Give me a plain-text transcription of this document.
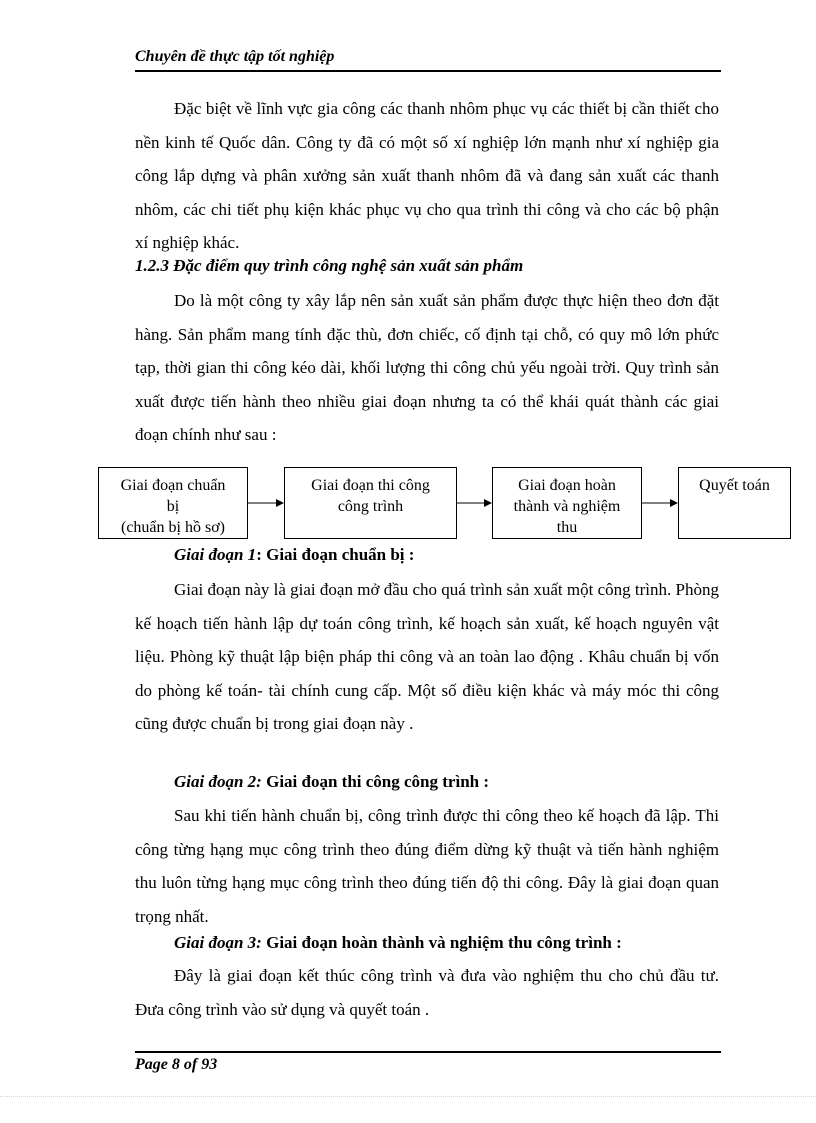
Chuyên đề thực tập tốt nghiệp

Đặc biệt về lĩnh vực gia công các thanh nhôm phục vụ các thiết bị cần thiết cho nền kinh tế Quốc dân. Công ty đã có một số xí nghiệp lớn mạnh như xí nghiệp gia công lắp dựng và phân xưởng sản xuất thanh nhôm đã và đang sản xuất các thanh nhôm, các chi tiết phụ kiện khác phục vụ cho qua trình thi công và cho các bộ phận xí nghiệp khác.

1.2.3 Đặc điểm quy trình công nghệ sản xuất sản phẩm

Do là một công ty xây lắp nên sản xuất sản phẩm được thực hiện theo đơn đặt hàng. Sản phẩm mang tính đặc thù, đơn chiếc, cố định tại chỗ, có quy mô lớn phức tạp, thời gian thi công kéo dài, khối lượng thi công chủ yếu ngoài trời. Quy trình sản xuất được tiến hành theo nhiều giai đoạn nhưng ta có thể khái quát thành các giai đoạn chính như sau :

Giai đoạn chuẩn
bị
(chuẩn bị hồ sơ)
Giai đoạn thi công
công trình
Giai đoạn hoàn
thành và nghiệm
thu
Quyết toán
Giai đoạn 1: Giai đoạn chuẩn bị :

Giai đoạn này là giai đoạn mở đầu cho quá trình sản xuất một công trình. Phòng kế hoạch tiến hành lập dự toán công trình, kế hoạch sản xuất, kế hoạch nguyên vật liệu. Phòng kỹ thuật lập biện pháp thi công và an toàn lao động . Khâu chuẩn bị vốn do phòng kế toán- tài chính cung cấp. Một số điều kiện khác và máy móc thi công cũng được chuẩn bị trong giai đoạn này .

Giai đoạn 2: Giai đoạn thi công công trình :

Sau khi tiến hành chuẩn bị, công trình được thi công theo kế hoạch đã lập. Thi công từng hạng mục công trình theo đúng điểm dừng kỹ thuật và tiến hành nghiệm thu luôn từng hạng mục công trình theo đúng tiến độ thi công. Đây là giai đoạn quan trọng nhất.

Giai đoạn 3: Giai đoạn hoàn thành và nghiệm thu công trình :

Đây là giai đoạn kết thúc công trình và đưa vào nghiệm thu cho chủ đầu tư. Đưa công trình vào sử dụng và quyết toán .

Page 8 of 93
